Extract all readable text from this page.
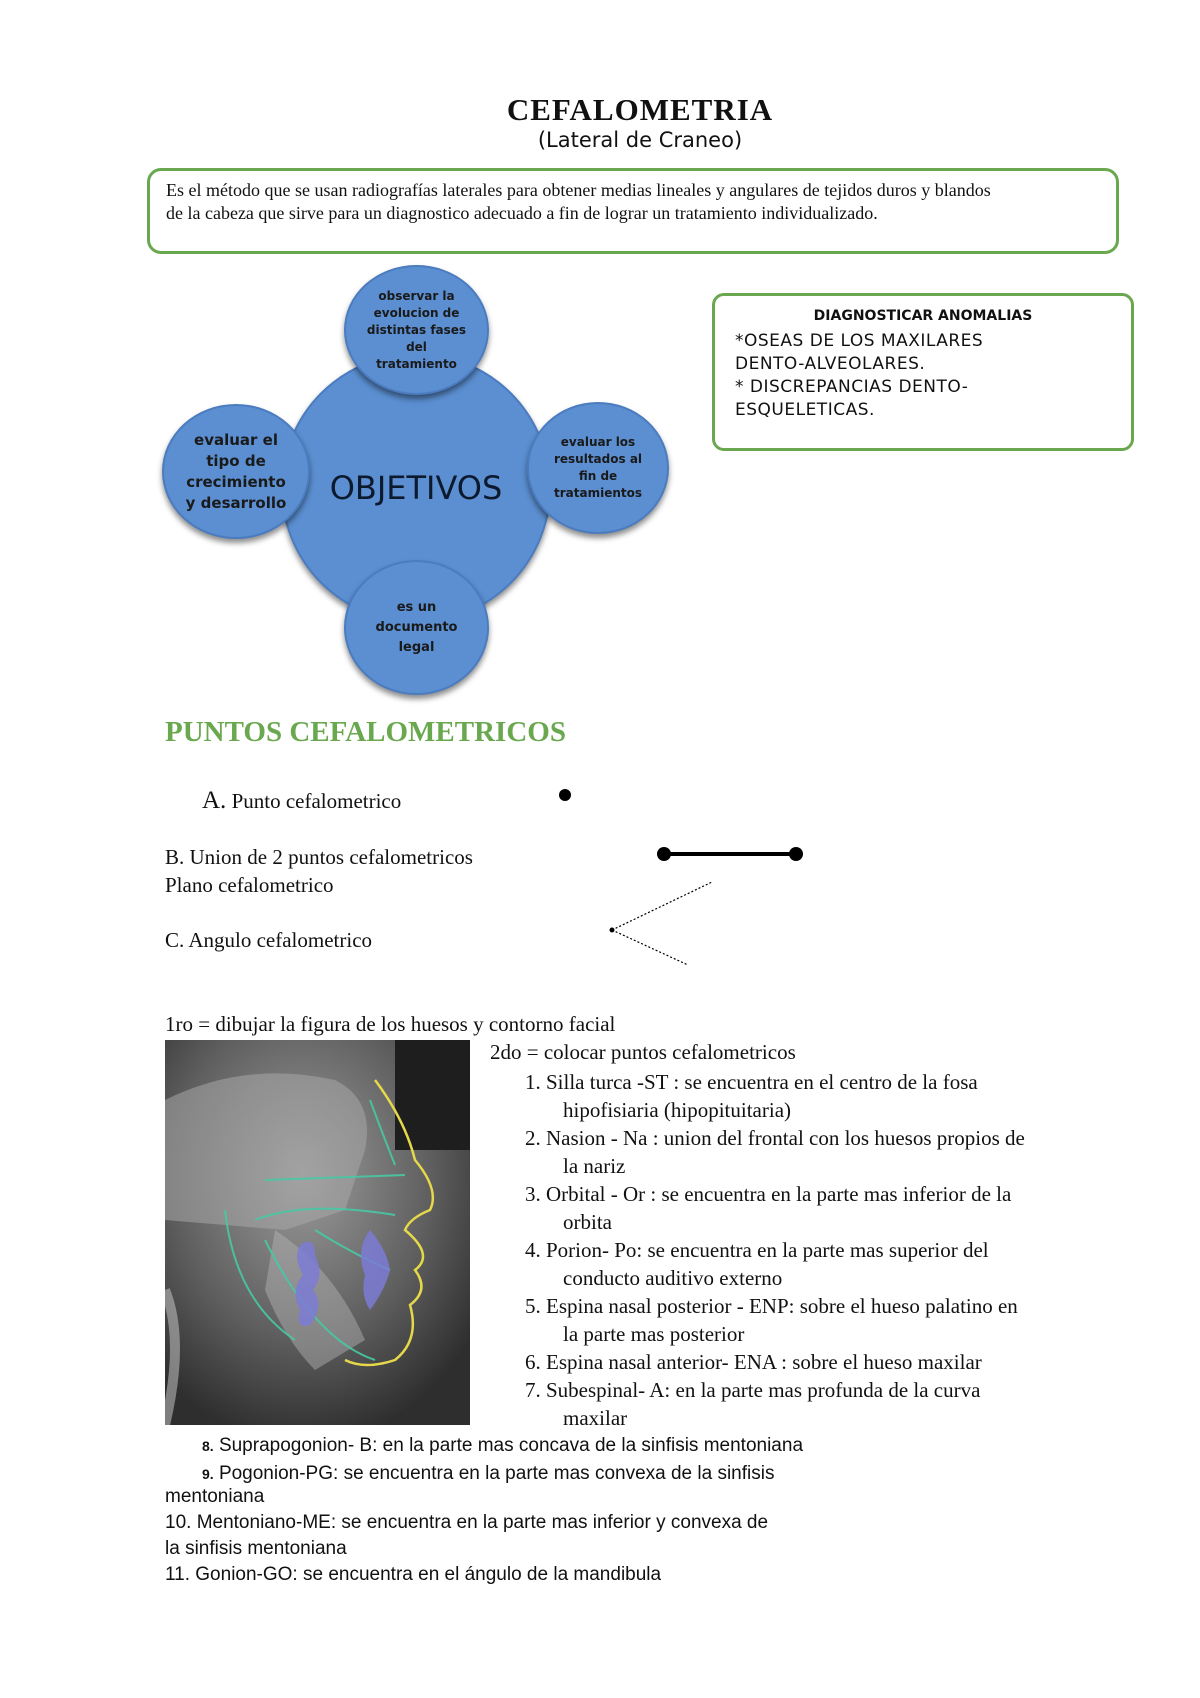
CEFALOMETRIA
(Lateral de Craneo)
Es el método que se usan radiografías laterales para obtener medias lineales y angulares de tejidos duros y blandos
de la cabeza que sirve para un diagnostico adecuado a fin de lograr un tratamiento individualizado.
OBJETIVOS
observar la evolucion de distintas fases del tratamiento
evaluar el tipo de crecimiento y desarrollo
evaluar los resultados al fin de tratamientos
es un documento legal
DIAGNOSTICAR ANOMALIAS
*OSEAS DE LOS MAXILARES
DENTO-ALVEOLARES.
* DISCREPANCIAS DENTO-
ESQUELETICAS.
PUNTOS CEFALOMETRICOS
A. Punto cefalometrico
B. Union de 2 puntos cefalometricos
Plano cefalometrico
C. Angulo cefalometrico
1ro = dibujar la figura de los huesos y contorno facial
2do = colocar puntos cefalometricos
1. Silla turca -ST : se encuentra en el centro de la fosa
hipofisiaria (hipopituitaria)
2. Nasion - Na : union del frontal con los huesos propios de
la nariz
3. Orbital - Or : se encuentra en la parte mas inferior de la
orbita
4. Porion- Po: se encuentra en la parte mas superior del
conducto auditivo externo
5. Espina nasal posterior - ENP: sobre el hueso palatino en
la parte mas posterior
6. Espina nasal anterior- ENA : sobre el hueso maxilar
7. Subespinal- A: en la parte mas profunda de la curva
maxilar
8. Suprapogonion- B: en la parte mas concava de la sinfisis mentoniana
9. Pogonion-PG: se encuentra en la parte mas convexa de la sinfisis
mentoniana
10. Mentoniano-ME: se encuentra en la parte mas inferior y convexa de
la sinfisis mentoniana
11. Gonion-GO: se encuentra en el ángulo de la mandibula
